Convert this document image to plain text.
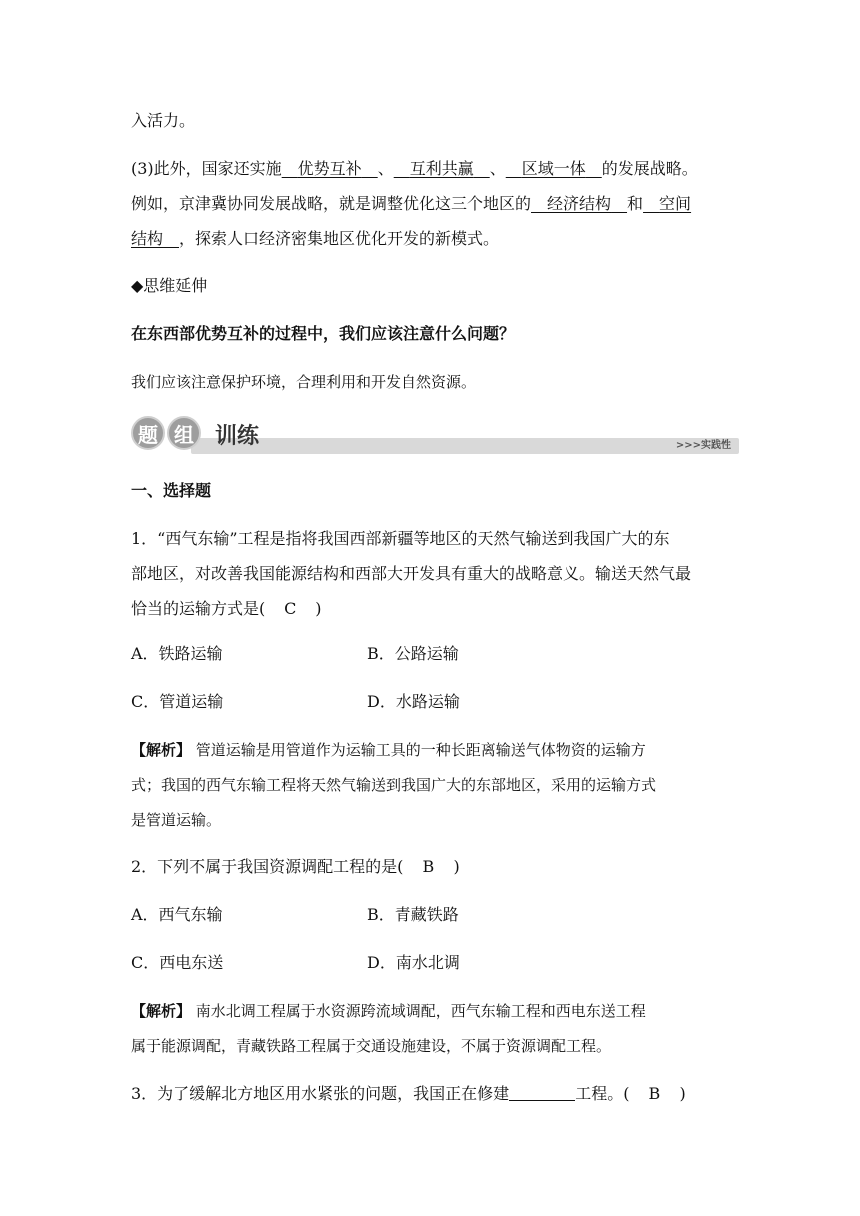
入活力。
(3)此外，国家还实施  优势互补  、  互利共赢  、  区域一体  的发展战略。
例如，京津冀协同发展战略，就是调整优化这三个地区的  经济结构  和  空间
结构  ，探索人口经济密集地区优化开发的新模式。
◆思维延伸
在东西部优势互补的过程中，我们应该注意什么问题？
我们应该注意保护环境，合理利用和开发自然资源。
>>>实践性
题 组 训练
一、选择题
1．“西气东输”工程是指将我国西部新疆等地区的天然气输送到我国广大的东
部地区，对改善我国能源结构和西部大开发具有重大的战略意义。输送天然气最
恰当的运输方式是( C )
A．铁路运输	B．公路运输
C．管道运输	D．水路运输
【解析】 管道运输是用管道作为运输工具的一种长距离输送气体物资的运输方
式；我国的西气东输工程将天然气输送到我国广大的东部地区，采用的运输方式
是管道运输。
2．下列不属于我国资源调配工程的是( B )
A．西气东输	B．青藏铁路
C．西电东送	D．南水北调
【解析】 南水北调工程属于水资源跨流域调配，西气东输工程和西电东送工程
属于能源调配，青藏铁路工程属于交通设施建设，不属于资源调配工程。
3．为了缓解北方地区用水紧张的问题，我国正在修建	工程。( B )
